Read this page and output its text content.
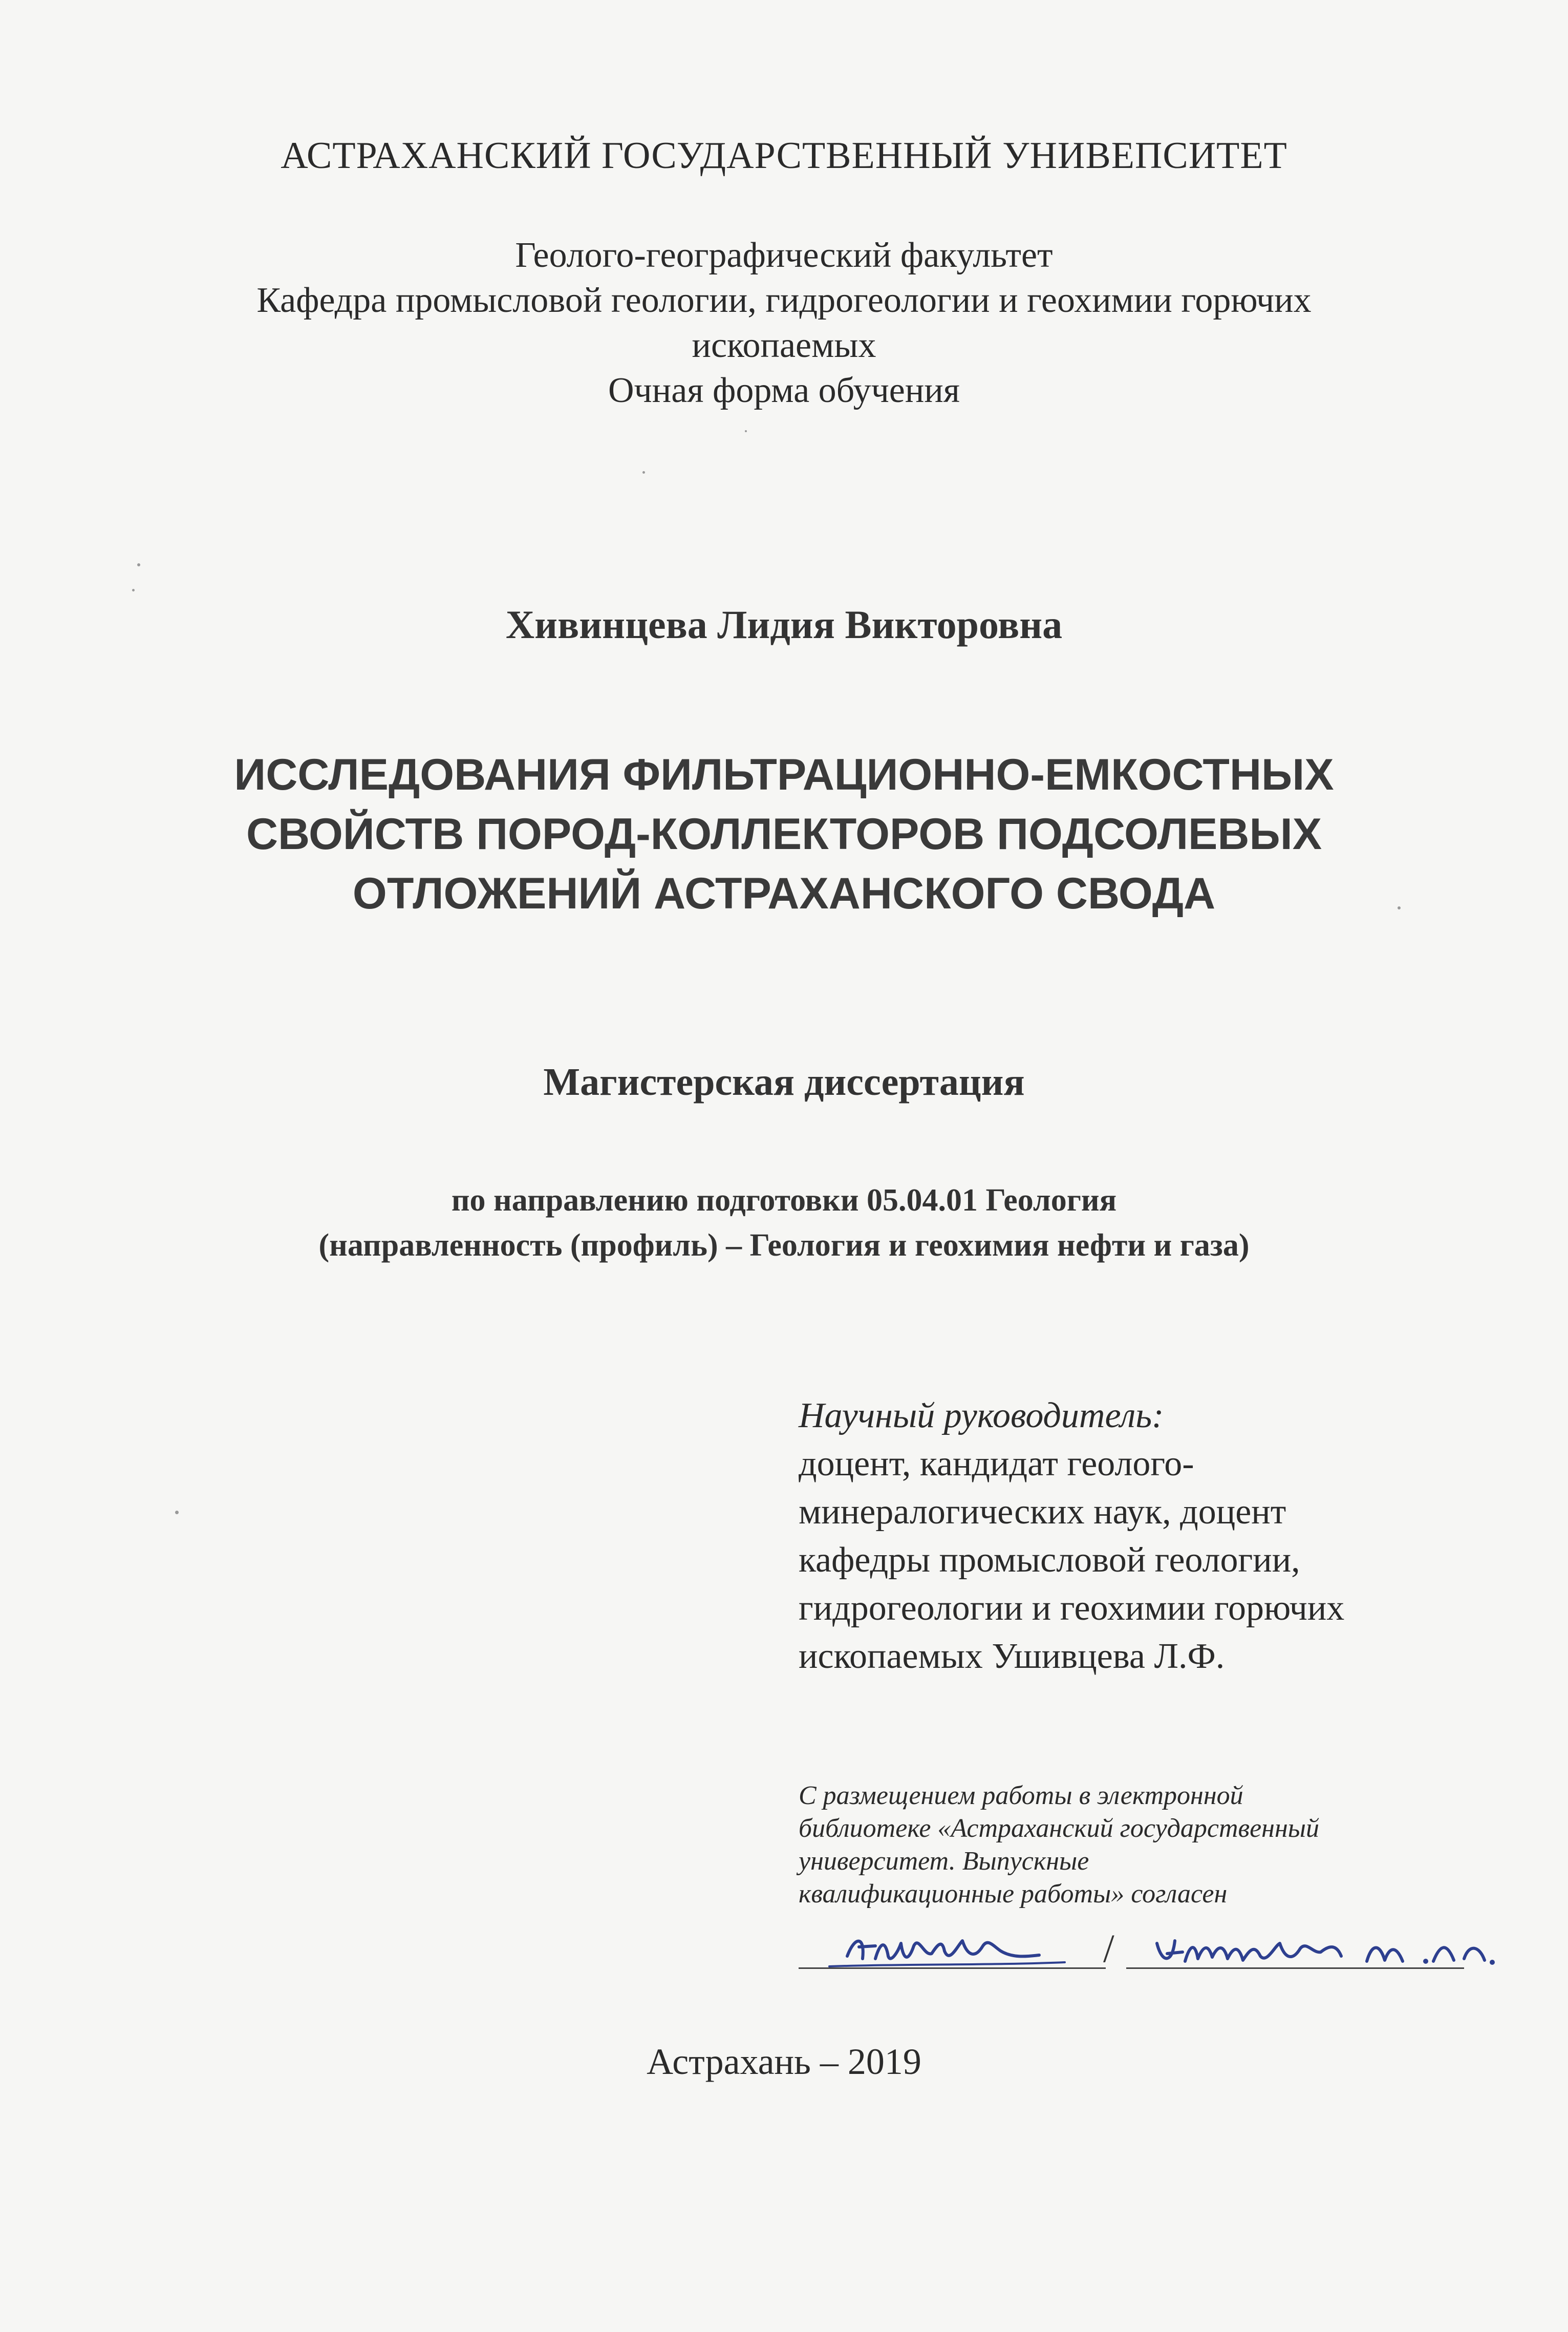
АСТРАХАНСКИЙ ГОСУДАРСТВЕННЫЙ УНИВЕПСИТЕТ
Геолого-географический факультет
Кафедра промысловой геологии, гидрогеологии и геохимии горючих
ископаемых
Очная форма обучения
Хивинцева Лидия Викторовна
ИССЛЕДОВАНИЯ ФИЛЬТРАЦИОННО-ЕМКОСТНЫХ
СВОЙСТВ ПОРОД-КОЛЛЕКТОРОВ ПОДСОЛЕВЫХ
ОТЛОЖЕНИЙ АСТРАХАНСКОГО СВОДА
Магистерская диссертация
по направлению подготовки 05.04.01 Геология
(направленность (профиль) – Геология и геохимия нефти и газа)
Научный руководитель:
доцент, кандидат геолого-
минералогических наук, доцент
кафедры промысловой геологии,
гидрогеологии и геохимии горючих
ископаемых Ушивцева Л.Ф.
С размещением работы в электронной
библиотеке «Астраханский государственный
университет. Выпускные
квалификационные работы» согласен
/
Астрахань – 2019
